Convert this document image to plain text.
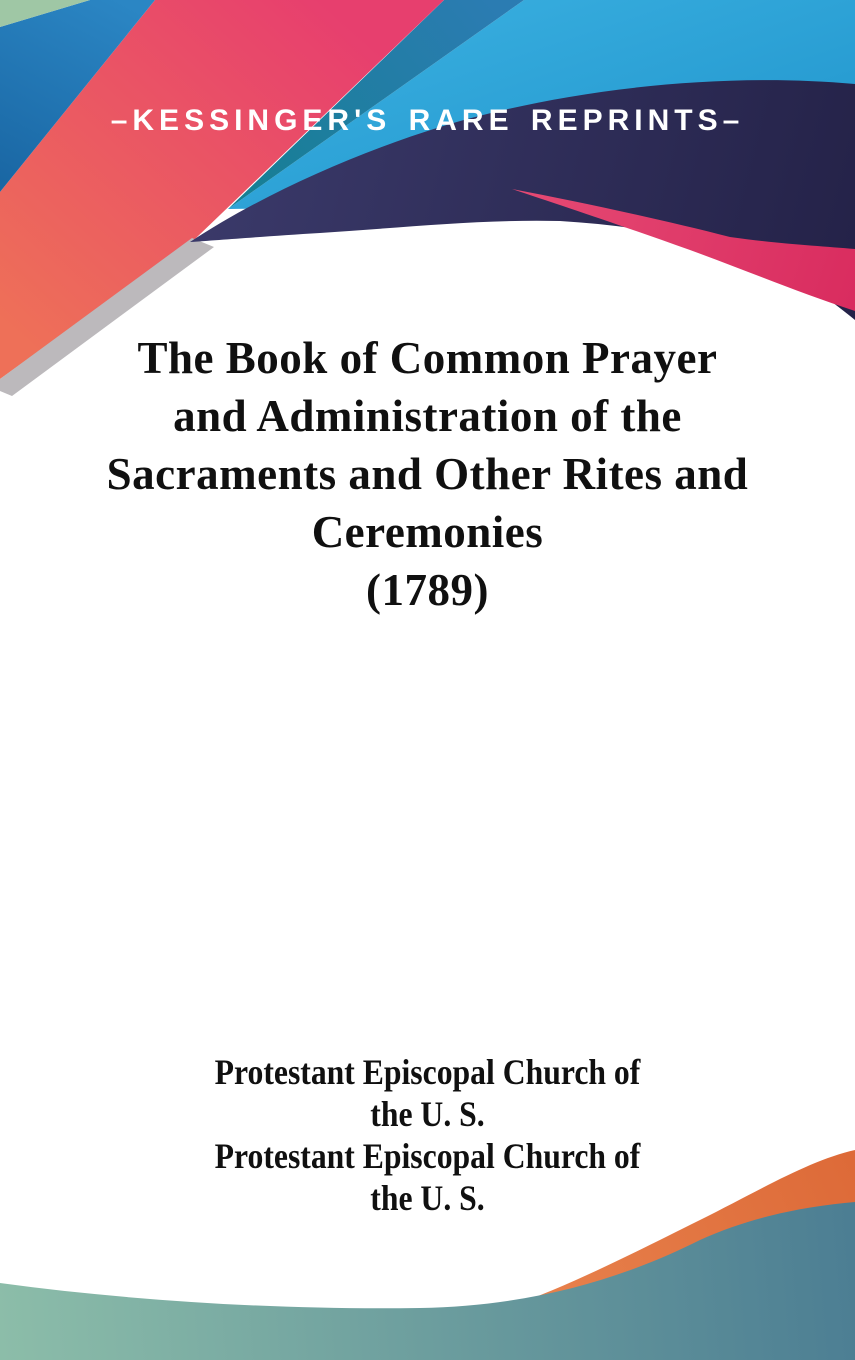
–KESSINGER'S RARE REPRINTS–
The Book of Common Prayer
and Administration of the
Sacraments and Other Rites and
Ceremonies
(1789)
Protestant Episcopal Church of
the U. S.
Protestant Episcopal Church of
the U. S.
